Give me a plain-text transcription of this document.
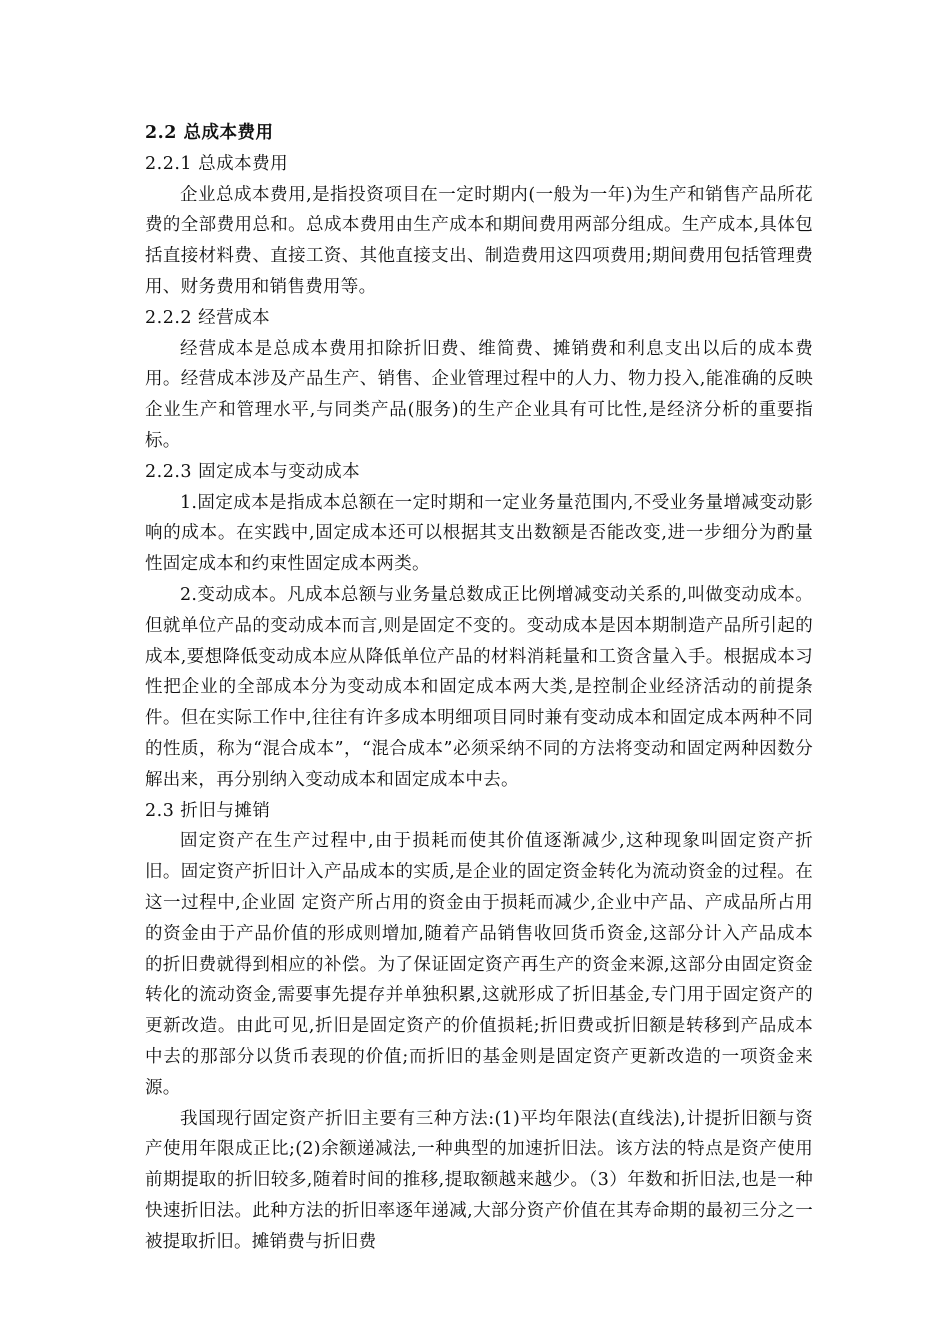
2.2 总成本费用

2.2.1 总成本费用

企业总成本费用,是指投资项目在一定时期内(一般为一年)为生产和销售产品所花费的全部费用总和。总成本费用由生产成本和期间费用两部分组成。生产成本,具体包括直接材料费、直接工资、其他直接支出、制造费用这四项费用;期间费用包括管理费用、财务费用和销售费用等。

2.2.2 经营成本

经营成本是总成本费用扣除折旧费、维简费、摊销费和利息支出以后的成本费用。经营成本涉及产品生产、销售、企业管理过程中的人力、物力投入,能准确的反映企业生产和管理水平,与同类产品(服务)的生产企业具有可比性,是经济分析的重要指标。

2.2.3 固定成本与变动成本

1.固定成本是指成本总额在一定时期和一定业务量范围内,不受业务量增减变动影响的成本。在实践中,固定成本还可以根据其支出数额是否能改变,进一步细分为酌量性固定成本和约束性固定成本两类。

2.变动成本。凡成本总额与业务量总数成正比例增减变动关系的,叫做变动成本。但就单位产品的变动成本而言,则是固定不变的。变动成本是因本期制造产品所引起的成本,要想降低变动成本应从降低单位产品的材料消耗量和工资含量入手。根据成本习性把企业的全部成本分为变动成本和固定成本两大类,是控制企业经济活动的前提条件。但在实际工作中,往往有许多成本明细项目同时兼有变动成本和固定成本两种不同的性质，称为“混合成本”，“混合成本”必须采纳不同的方法将变动和固定两种因数分解出来，再分别纳入变动成本和固定成本中去。

2.3 折旧与摊销

固定资产在生产过程中,由于损耗而使其价值逐渐减少,这种现象叫固定资产折旧。固定资产折旧计入产品成本的实质,是企业的固定资金转化为流动资金的过程。在这一过程中,企业固 定资产所占用的资金由于损耗而减少,企业中产品、产成品所占用的资金由于产品价值的形成则增加,随着产品销售收回货币资金,这部分计入产品成本的折旧费就得到相应的补偿。为了保证固定资产再生产的资金来源,这部分由固定资金转化的流动资金,需要事先提存并单独积累,这就形成了折旧基金,专门用于固定资产的更新改造。由此可见,折旧是固定资产的价值损耗;折旧费或折旧额是转移到产品成本中去的那部分以货币表现的价值;而折旧的基金则是固定资产更新改造的一项资金来源。

我国现行固定资产折旧主要有三种方法:(1)平均年限法(直线法),计提折旧额与资产使用年限成正比;(2)余额递减法,一种典型的加速折旧法。该方法的特点是资产使用前期提取的折旧较多,随着时间的推移,提取额越来越少。（3）年数和折旧法,也是一种快速折旧法。此种方法的折旧率逐年递减,大部分资产价值在其寿命期的最初三分之一被提取折旧。摊销费与折旧费
